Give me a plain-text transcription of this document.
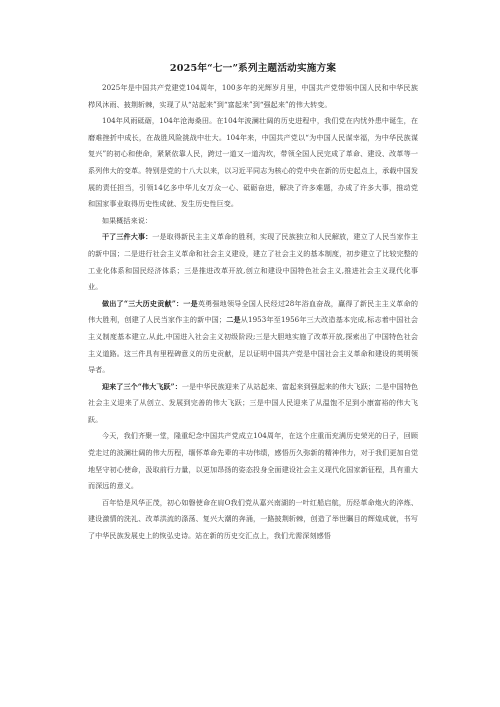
2025年“七一”系列主题活动实施方案

2025年是中国共产党建党104周年，100多年的光辉岁月里，中国共产党带领中国人民和中华民族栉风沐雨、披荆斩棘，实现了从“站起来”到“富起来”到“强起来”的伟大转变。

104年风雨砥砺，104年沧海桑田。在104年波澜壮阔的历史进程中，我们党在内忧外患中诞生，在磨难挫折中成长，在战胜风险挑战中壮大。104年来，中国共产党以“为中国人民谋幸福，为中华民族谋复兴”的初心和使命，紧紧依靠人民，跨过一道又一道沟坎，带领全国人民完成了革命、建设、改革等一系列伟大的变革。特别是党的十八大以来，以习近平同志为核心的党中央在新的历史起点上，承载中国发展的责任担当，引领14亿多中华儿女万众一心、砥砺奋进，解决了许多难题，办成了许多大事，推动党和国家事业取得历史性成就、发生历史性巨变。

如果概括来说：

干了三件大事：一是取得新民主主义革命的胜利，实现了民族独立和人民解放，建立了人民当家作主的新中国；二是进行社会主义革命和社会主义建设，建立了社会主义的基本制度，初步建立了比较完整的工业化体系和国民经济体系；三是推进改革开放,创立和建设中国特色社会主义,推进社会主义现代化事业。

做出了“三大历史贡献”：一是英勇强地领导全国人民经过28年浴血奋战，赢得了新民主主义革命的伟大胜利，创建了人民当家作主的新中国；二是从1953年至1956年三大改造基本完成,标志着中国社会主义制度基本建立,从此,中国进入社会主义初级阶段;三是大胆地实施了改革开放,探索出了中国特色社会主义道路。这三件具有里程碑意义的历史贡献，足以证明中国共产党是中国社会主义革命和建设的英明领导者。

迎来了三个“伟大飞跃”：一是中华民族迎来了从站起来、富起来到强起来的伟大飞跃；二是中国特色社会主义迎来了从创立、发展到完善的伟大飞跃；三是中国人民迎来了从温饱不足到小康富裕的伟大飞跃。

今天，我们齐聚一堂，隆重纪念中国共产党成立104周年，在这个庄重而充满历史荣光的日子，回顾党走过的波澜壮阔的伟大历程，缅怀革命先辈的丰功伟绩，感悟历久弥新的精神伟力，对于我们更加自觉地坚守初心使命，汲取前行力量，以更加昂扬的姿态投身全面建设社会主义现代化国家新征程，具有重大而深远的意义。

百年恰是风华正茂，初心如磐使命在肩O我们党从嘉兴南湖的一叶红船启航，历经革命炮火的淬炼、建设激情的洗礼、改革洪流的涤荡、复兴大潮的奔涌，一路披荆斩棘，创造了举世瞩目的辉煌成就，书写了中华民族发展史上的恢弘史诗。站在新的历史交汇点上，我们尤需深刻感悟
